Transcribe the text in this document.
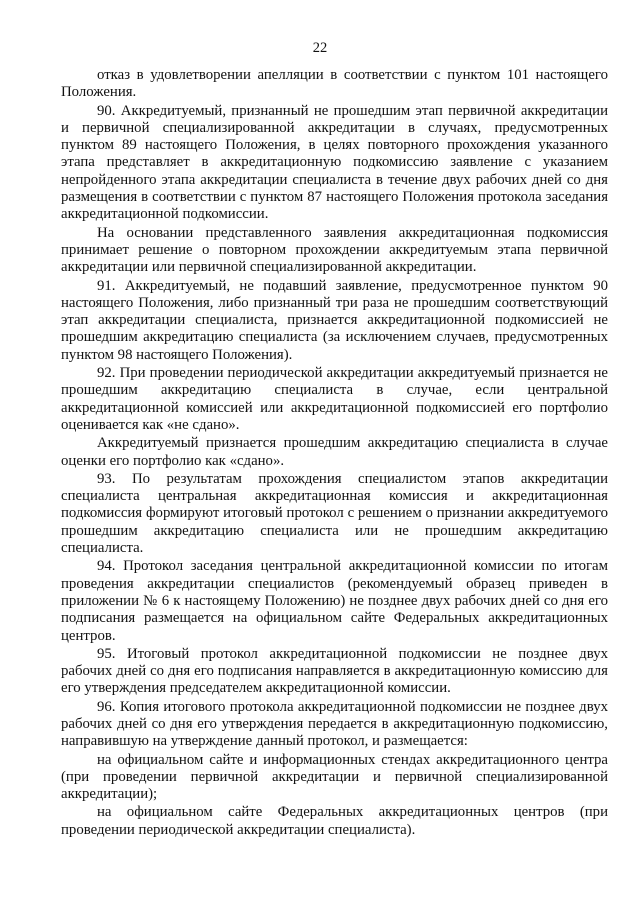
22

отказ в удовлетворении апелляции в соответствии с пунктом 101 настоящего Положения.

90. Аккредитуемый, признанный не прошедшим этап первичной аккредитации и первичной специализированной аккредитации в случаях, предусмотренных пунктом 89 настоящего Положения, в целях повторного прохождения указанного этапа представляет в аккредитационную подкомиссию заявление с указанием непройденного этапа аккредитации специалиста в течение двух рабочих дней со дня размещения в соответствии с пунктом 87 настоящего Положения протокола заседания аккредитационной подкомиссии.

На основании представленного заявления аккредитационная подкомиссия принимает решение о повторном прохождении аккредитуемым этапа первичной аккредитации или первичной специализированной аккредитации.

91. Аккредитуемый, не подавший заявление, предусмотренное пунктом 90 настоящего Положения, либо признанный три раза не прошедшим соответствующий этап аккредитации специалиста, признается аккредитационной подкомиссией не прошедшим аккредитацию специалиста (за исключением случаев, предусмотренных пунктом 98 настоящего Положения).

92. При проведении периодической аккредитации аккредитуемый признается не прошедшим аккредитацию специалиста в случае, если центральной аккредитационной комиссией или аккредитационной подкомиссией его портфолио оценивается как «не сдано».

Аккредитуемый признается прошедшим аккредитацию специалиста в случае оценки его портфолио как «сдано».

93. По результатам прохождения специалистом этапов аккредитации специалиста центральная аккредитационная комиссия и аккредитационная подкомиссия формируют итоговый протокол с решением о признании аккредитуемого прошедшим аккредитацию специалиста или не прошедшим аккредитацию специалиста.

94. Протокол заседания центральной аккредитационной комиссии по итогам проведения аккредитации специалистов (рекомендуемый образец приведен в приложении № 6 к настоящему Положению) не позднее двух рабочих дней со дня его подписания размещается на официальном сайте Федеральных аккредитационных центров.

95. Итоговый протокол аккредитационной подкомиссии не позднее двух рабочих дней со дня его подписания направляется в аккредитационную комиссию для его утверждения председателем аккредитационной комиссии.

96. Копия итогового протокола аккредитационной подкомиссии не позднее двух рабочих дней со дня его утверждения передается в аккредитационную подкомиссию, направившую на утверждение данный протокол, и размещается:

на официальном сайте и информационных стендах аккредитационного центра (при проведении первичной аккредитации и первичной специализированной аккредитации);

на официальном сайте Федеральных аккредитационных центров (при проведении периодической аккредитации специалиста).
